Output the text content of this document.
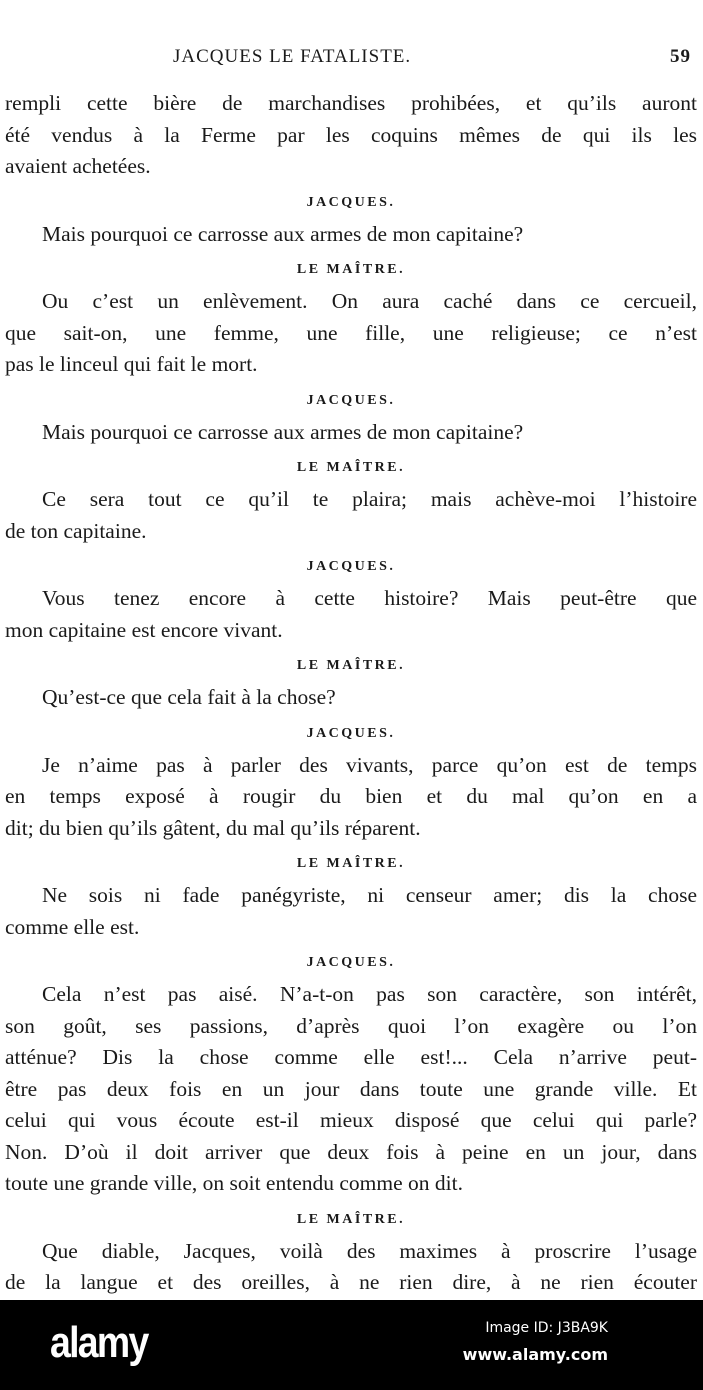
JACQUES LE FATALISTE.	59
rempli cette bière de marchandises prohibées, et qu’ils auront
été vendus à la Ferme par les coquins mêmes de qui ils les
avaient achetées.
JACQUES.
Mais pourquoi ce carrosse aux armes de mon capitaine?
LE MAÎTRE.
Ou c’est un enlèvement. On aura caché dans ce cercueil,
que sait-on, une femme, une fille, une religieuse; ce n’est
pas le linceul qui fait le mort.
JACQUES.
Mais pourquoi ce carrosse aux armes de mon capitaine?
LE MAÎTRE.
Ce sera tout ce qu’il te plaira; mais achève-moi l’histoire
de ton capitaine.
JACQUES.
Vous tenez encore à cette histoire? Mais peut-être que
mon capitaine est encore vivant.
LE MAÎTRE.
Qu’est-ce que cela fait à la chose?
JACQUES.
Je n’aime pas à parler des vivants, parce qu’on est de temps
en temps exposé à rougir du bien et du mal qu’on en a
dit; du bien qu’ils gâtent, du mal qu’ils réparent.
LE MAÎTRE.
Ne sois ni fade panégyriste, ni censeur amer; dis la chose
comme elle est.
JACQUES.
Cela n’est pas aisé. N’a-t-on pas son caractère, son intérêt,
son goût, ses passions, d’après quoi l’on exagère ou l’on
atténue? Dis la chose comme elle est!... Cela n’arrive peut-
être pas deux fois en un jour dans toute une grande ville. Et
celui qui vous écoute est-il mieux disposé que celui qui parle?
Non. D’où il doit arriver que deux fois à peine en un jour, dans
toute une grande ville, on soit entendu comme on dit.
LE MAÎTRE.
Que diable, Jacques, voilà des maximes à proscrire l’usage
de la langue et des oreilles, à ne rien dire, à ne rien écouter
alamy	Image ID: J3BA9K
www.alamy.com
